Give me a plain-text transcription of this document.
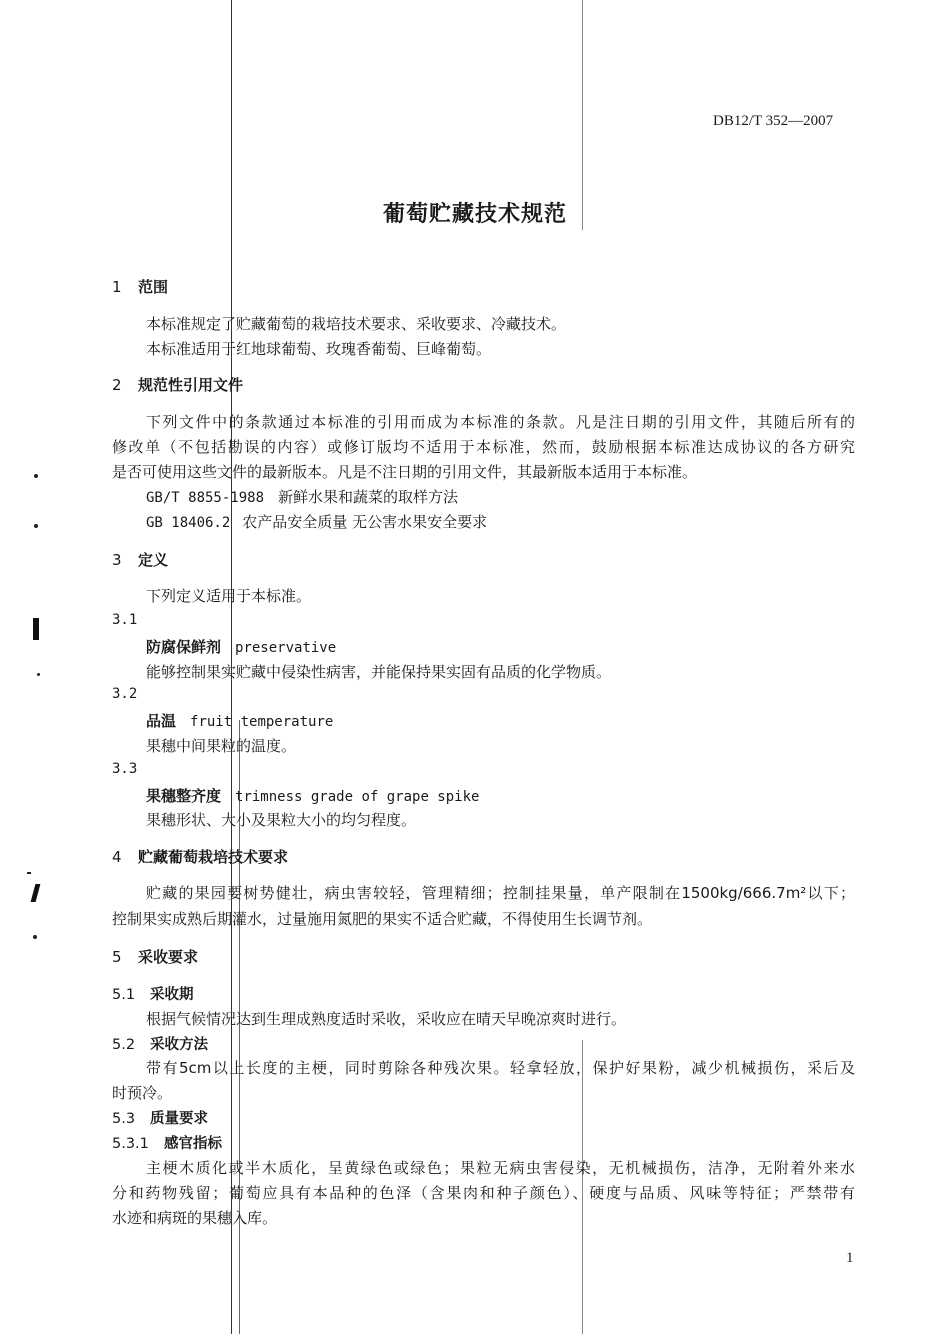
DB12/T 352—2007
葡萄贮藏技术规范
1 范围
本标准规定了贮藏葡萄的栽培技术要求、采收要求、冷藏技术。
本标准适用于红地球葡萄、玫瑰香葡萄、巨峰葡萄。
2 规范性引用文件
下列文件中的条款通过本标准的引用而成为本标准的条款。凡是注日期的引用文件，其随后所有的
修改单（不包括勘误的内容）或修订版均不适用于本标准，然而，鼓励根据本标准达成协议的各方研究
是否可使用这些文件的最新版本。凡是不注日期的引用文件，其最新版本适用于本标准。
GB/T 8855-1988 新鲜水果和蔬菜的取样方法
GB 18406.2 农产品安全质量 无公害水果安全要求
3 定义
下列定义适用于本标准。
3.1
防腐保鲜剂 preservative
能够控制果实贮藏中侵染性病害，并能保持果实固有品质的化学物质。
3.2
品温 fruit temperature
果穗中间果粒的温度。
3.3
果穗整齐度 trimness grade of grape spike
果穗形状、大小及果粒大小的均匀程度。
4 贮藏葡萄栽培技术要求
贮藏的果园要树势健壮，病虫害较轻，管理精细；控制挂果量，单产限制在1500kg/666.7m²以下；
控制果实成熟后期灌水，过量施用氮肥的果实不适合贮藏，不得使用生长调节剂。
5 采收要求
5.1 采收期
根据气候情况达到生理成熟度适时采收，采收应在晴天早晚凉爽时进行。
5.2 采收方法
带有5cm以上长度的主梗，同时剪除各种残次果。轻拿轻放，保护好果粉，减少机械损伤，采后及
时预冷。
5.3 质量要求
5.3.1 感官指标
主梗木质化或半木质化，呈黄绿色或绿色；果粒无病虫害侵染，无机械损伤，洁净，无附着外来水
分和药物残留；葡萄应具有本品种的色泽（含果肉和种子颜色）、硬度与品质、风味等特征；严禁带有
水迹和病斑的果穗入库。
1
